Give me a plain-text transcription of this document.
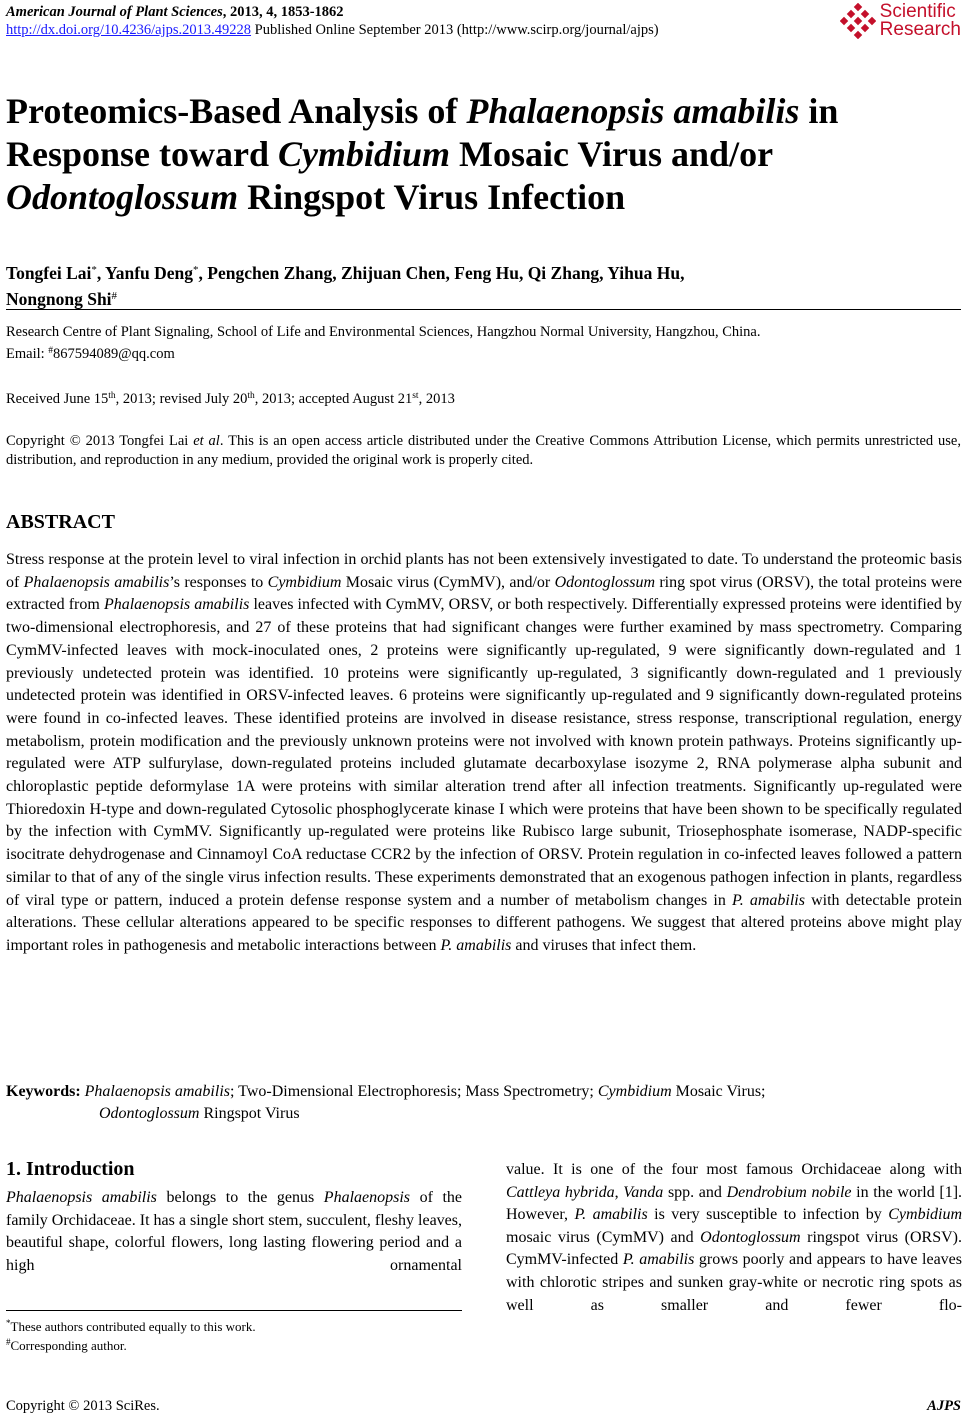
American Journal of Plant Sciences, 2013, 4, 1853-1862
http://dx.doi.org/10.4236/ajps.2013.49228 Published Online September 2013 (http://www.scirp.org/journal/ajps)
Scientific
Research
Proteomics-Based Analysis of Phalaenopsis amabilis in
Response toward Cymbidium Mosaic Virus and/or
Odontoglossum Ringspot Virus Infection
Tongfei Lai*, Yanfu Deng*, Pengchen Zhang, Zhijuan Chen, Feng Hu, Qi Zhang, Yihua Hu,
Nongnong Shi#
Research Centre of Plant Signaling, School of Life and Environmental Sciences, Hangzhou Normal University, Hangzhou, China.
Email: #867594089@qq.com
Received June 15th, 2013; revised July 20th, 2013; accepted August 21st, 2013
Copyright © 2013 Tongfei Lai et al. This is an open access article distributed under the Creative Commons Attribution License, which permits unrestricted use, distribution, and reproduction in any medium, provided the original work is properly cited.
ABSTRACT
Stress response at the protein level to viral infection in orchid plants has not been extensively investigated to date. To understand the proteomic basis of Phalaenopsis amabilis’s responses to Cymbidium Mosaic virus (CymMV), and/or Odontoglossum ring spot virus (ORSV), the total proteins were extracted from Phalaenopsis amabilis leaves infected with CymMV, ORSV, or both respectively. Differentially expressed proteins were identified by two-dimensional electrophoresis, and 27 of these proteins that had significant changes were further examined by mass spectrometry. Comparing CymMV-infected leaves with mock-inoculated ones, 2 proteins were significantly up-regulated, 9 were significantly down-regulated and 1 previously undetected protein was identified. 10 proteins were significantly up-regulated, 3 significantly down-regulated and 1 previously undetected protein was identified in ORSV-infected leaves. 6 proteins were significantly up-regulated and 9 significantly down-regulated proteins were found in co-infected leaves. These identified proteins are involved in disease resistance, stress response, transcriptional regulation, energy metabolism, protein modification and the previously unknown proteins were not involved with known protein pathways. Proteins significantly up-regulated were ATP sulfurylase, down-regulated proteins included glutamate decarboxylase isozyme 2, RNA polymerase alpha subunit and chloroplastic peptide deformylase 1A were proteins with similar alteration trend after all infection treatments. Significantly up-regulated were Thioredoxin H-type and down-regulated Cytosolic phosphoglycerate kinase I which were proteins that have been shown to be specifically regulated by the infection with CymMV. Significantly up-regulated were proteins like Rubisco large subunit, Triosephosphate isomerase, NADP-specific isocitrate dehydrogenase and Cinnamoyl CoA reductase CCR2 by the infection of ORSV. Protein regulation in co-infected leaves followed a pattern similar to that of any of the single virus infection results. These experiments demonstrated that an exogenous pathogen infection in plants, regardless of viral type or pattern, induced a protein defense response system and a number of metabolism changes in P. amabilis with detectable protein alterations. These cellular alterations appeared to be specific responses to different pathogens. We suggest that altered proteins above might play important roles in pathogenesis and metabolic interactions between P. amabilis and viruses that infect them.
Keywords: Phalaenopsis amabilis; Two-Dimensional Electrophoresis; Mass Spectrometry; Cymbidium Mosaic Virus;
Odontoglossum Ringspot Virus
1. Introduction
Phalaenopsis amabilis belongs to the genus Phalaenopsis of the family Orchidaceae. It has a single short stem, succulent, fleshy leaves, beautiful shape, colorful flowers, long lasting flowering period and a high ornamental
value. It is one of the four most famous Orchidaceae along with Cattleya hybrida, Vanda spp. and Dendrobium nobile in the world [1]. However, P. amabilis is very susceptible to infection by Cymbidium mosaic virus (CymMV) and Odontoglossum ringspot virus (ORSV). CymMV-infected P. amabilis grows poorly and appears to have leaves with chlorotic stripes and sunken gray-white or necrotic ring spots as well as smaller and fewer flo-
*These authors contributed equally to this work.
#Corresponding author.
Copyright © 2013 SciRes.	AJPS
